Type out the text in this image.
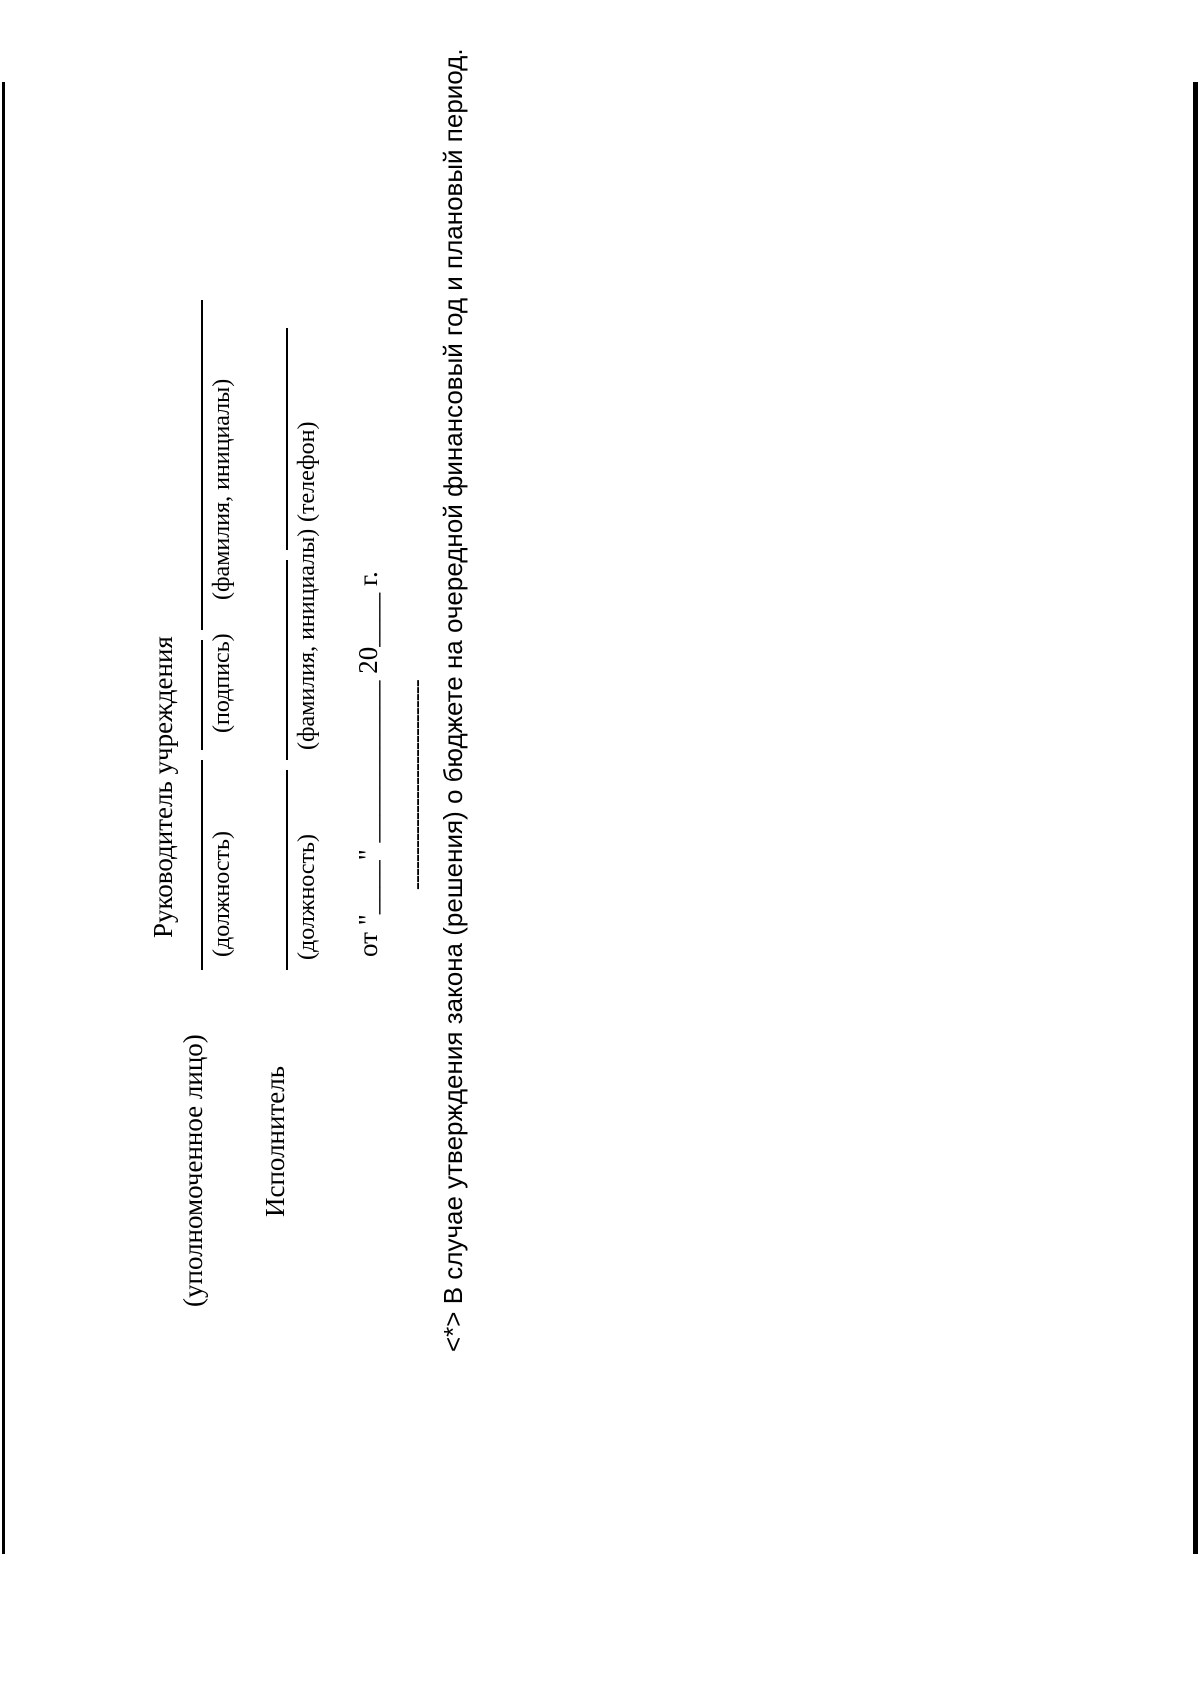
Руководитель учреждения
(уполномоченное лицо)
(должность)
(подпись)
(фамилия, инициалы)
Исполнитель
(должность)
(фамилия, инициалы)
(телефон)
от "____" ____________ 20____ г. ------------------------------ <*> В случае утверждения закона (решения) о бюджете на очередной финансовый год и плановый период.
